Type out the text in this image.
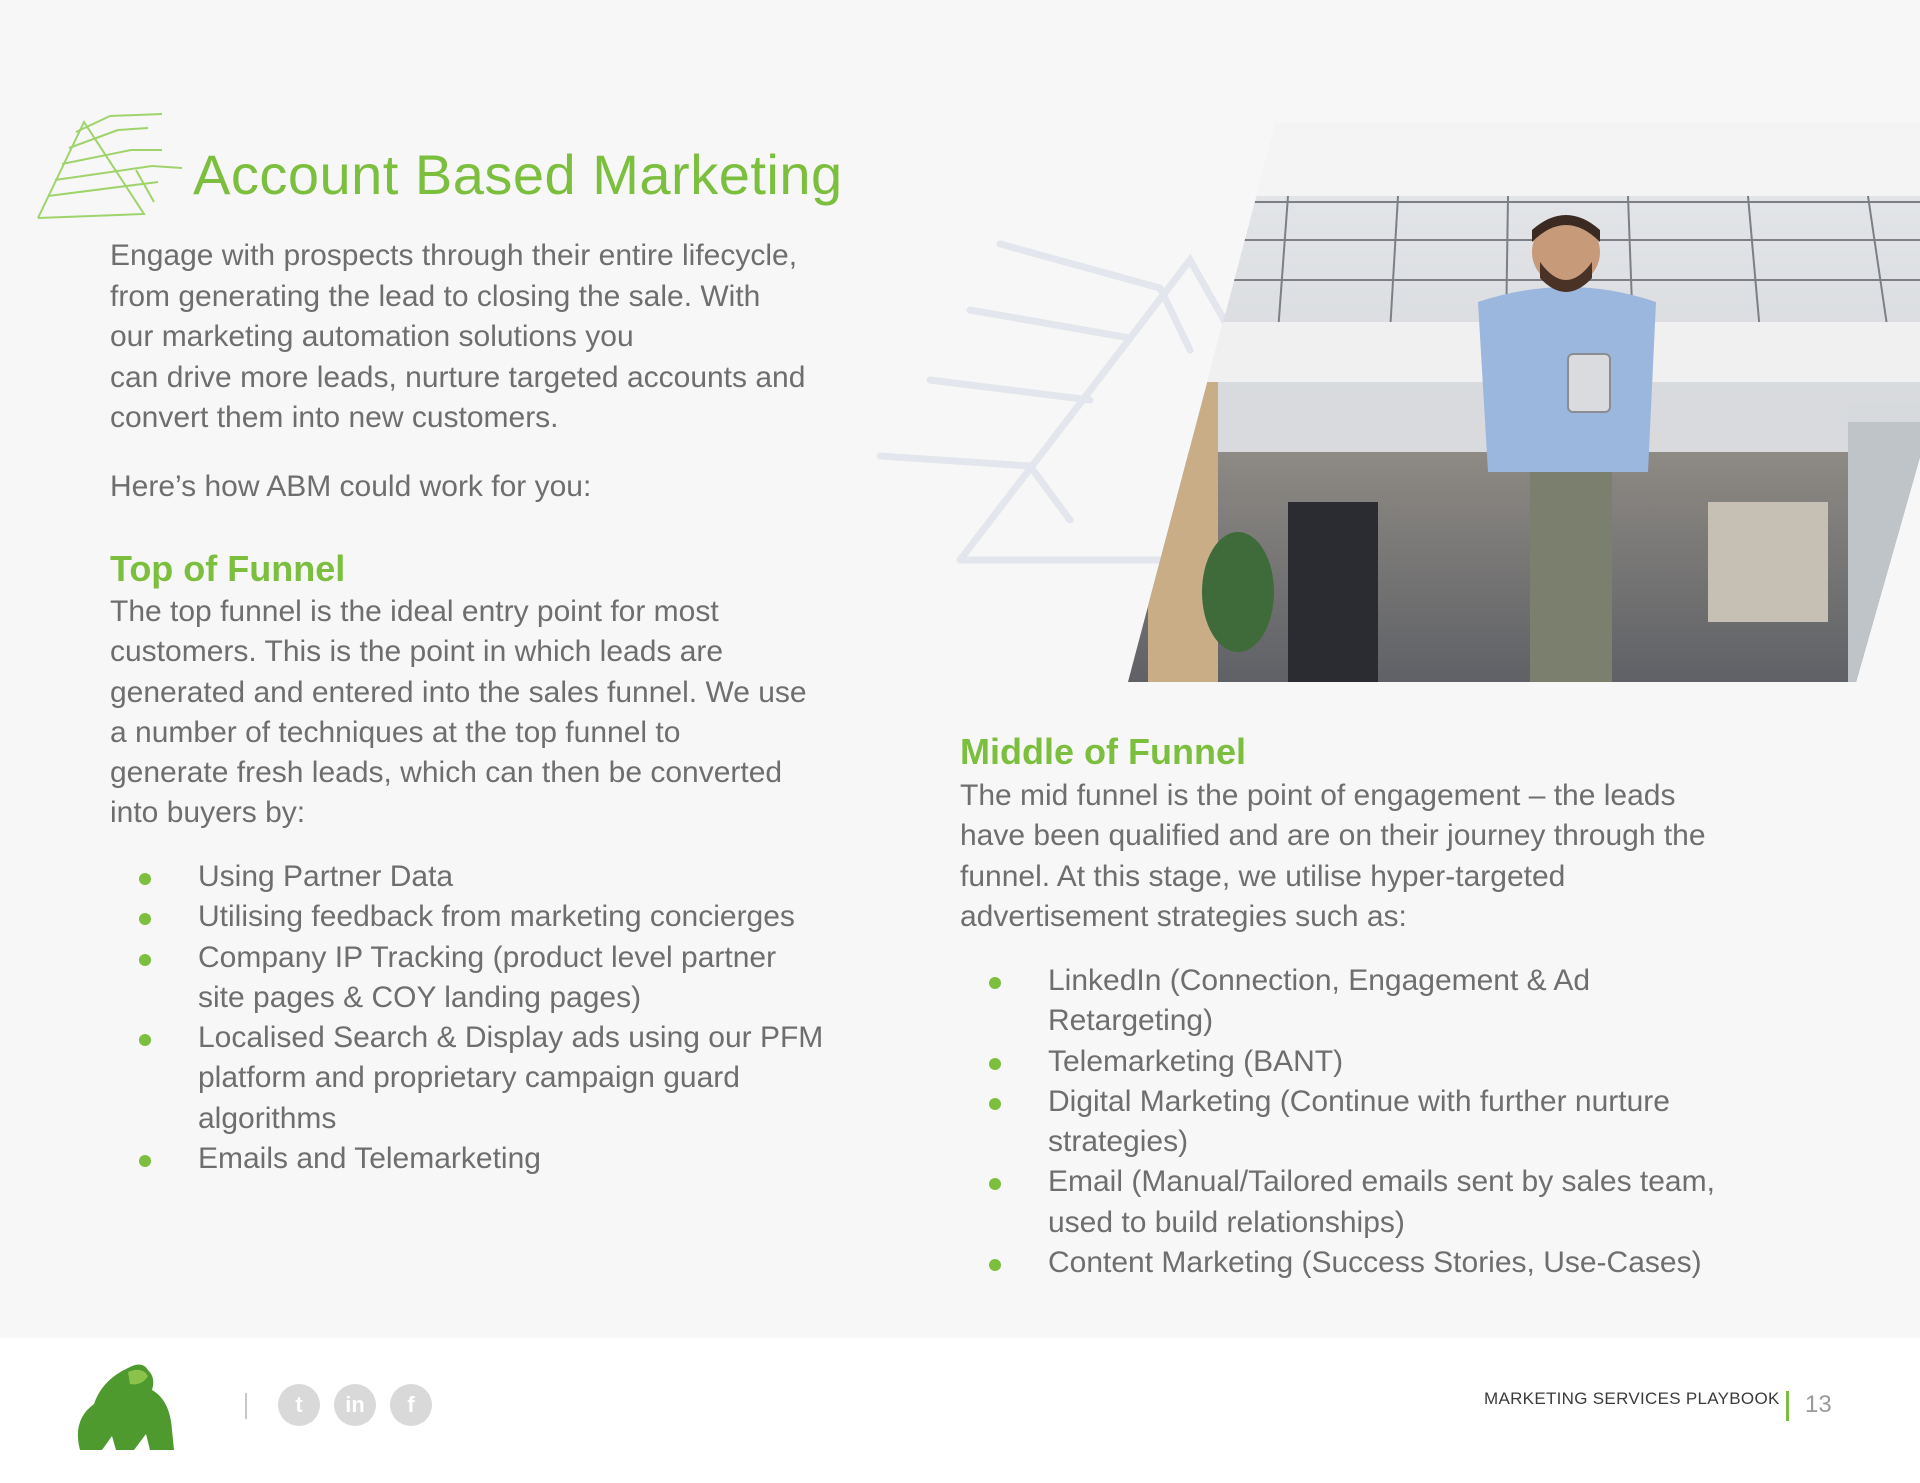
Account Based Marketing

Engage with prospects through their entire lifecycle,

from generating the lead to closing the sale. With

our marketing automation solutions you

can drive more leads, nurture targeted accounts and

convert them into new customers.

Here’s how ABM could work for you:

Top of Funnel
The top funnel is the ideal entry point for most
customers. This is the point in which leads are
generated and entered into the sales funnel. We use
a number of techniques at the top funnel to
generate fresh leads, which can then be converted
into buyers by:
Using Partner Data
Utilising feedback from marketing concierges
Company IP Tracking (product level partner
site pages & COY landing pages)
Localised Search & Display ads using our PFM
platform and proprietary campaign guard
algorithms
Emails and Telemarketing
Middle of Funnel
The mid funnel is the point of engagement – the leads
have been qualified and are on their journey through the
funnel. At this stage, we utilise hyper-targeted
advertisement strategies such as:
LinkedIn (Connection, Engagement & Ad
Retargeting)
Telemarketing (BANT)
Digital Marketing (Continue with further nurture
strategies)
Email (Manual/Tailored emails sent by sales team,
used to build relationships)
Content Marketing (Success Stories, Use-Cases)
t	in	f	MARKETING SERVICES PLAYBOOK 13
